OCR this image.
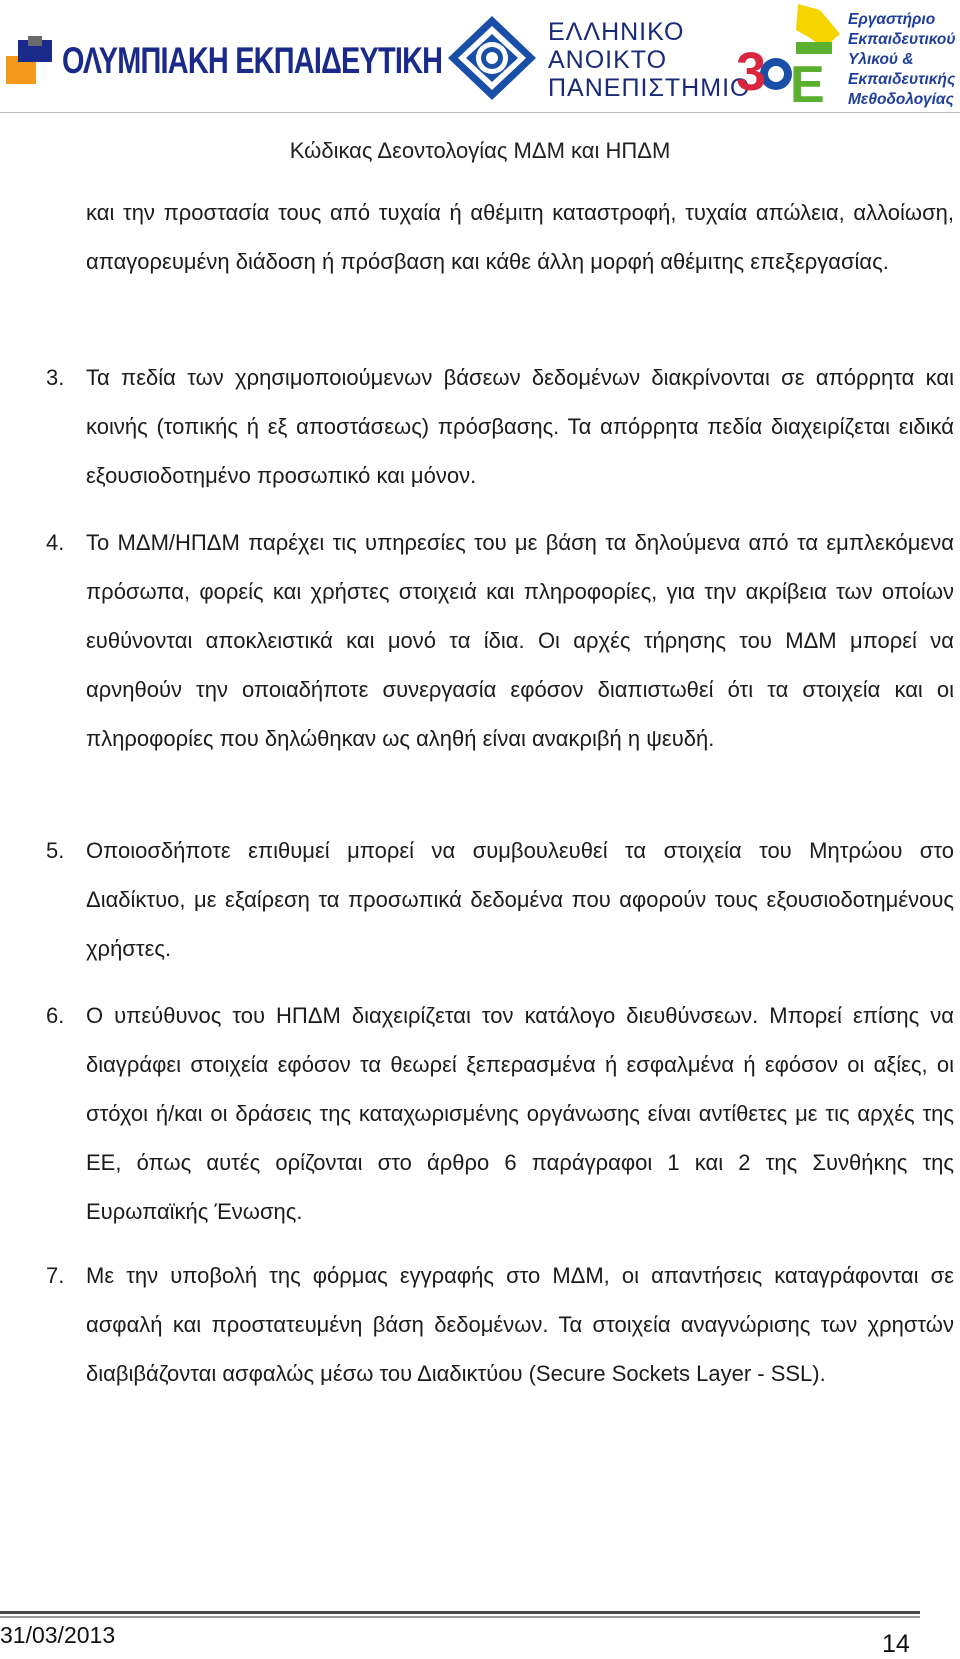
ΟΛΥΜΠΙΑΚΗ ΕΚΠΑΙΔΕΥΤΙΚΗ
ΕΛΛΗΝΙΚΟ
ΑΝΟΙΚΤΟ
ΠΑΝΕΠΙΣΤΗΜΙΟ
3 Ε
Εργαστήριο
Εκπαιδευτικού
Υλικού &
Εκπαιδευτικής
Μεθοδολογίας
Κώδικας Δεοντολογίας ΜΔΜ και ΗΠΔΜ
και την προστασία τους από τυχαία ή αθέμιτη καταστροφή, τυχαία απώλεια, αλλοίωση, απαγορευμένη διάδοση ή πρόσβαση και κάθε άλλη μορφή αθέμιτης επεξεργασίας.
3. Τα πεδία των χρησιμοποιούμενων βάσεων δεδομένων διακρίνονται σε απόρρητα και κοινής (τοπικής ή εξ αποστάσεως) πρόσβασης. Τα απόρρητα πεδία διαχειρίζεται ειδικά εξουσιοδοτημένο προσωπικό και μόνον.
4. Το ΜΔΜ/ΗΠΔΜ παρέχει τις υπηρεσίες του με βάση τα δηλούμενα από τα εμπλεκόμενα πρόσωπα, φορείς και χρήστες στοιχειά και πληροφορίες, για την ακρίβεια των οποίων ευθύνονται αποκλειστικά και μονό τα ίδια. Οι αρχές τήρησης του ΜΔΜ μπορεί να αρνηθούν την οποιαδήποτε συνεργασία εφόσον διαπιστωθεί ότι τα στοιχεία και οι πληροφορίες που δηλώθηκαν ως αληθή είναι ανακριβή η ψευδή.
5. Οποιοσδήποτε επιθυμεί μπορεί να συμβουλευθεί τα στοιχεία του Μητρώου στο Διαδίκτυο, με εξαίρεση τα προσωπικά δεδομένα που αφορούν τους εξουσιοδοτημένους χρήστες.
6. Ο υπεύθυνος του ΗΠΔΜ διαχειρίζεται τον κατάλογο διευθύνσεων. Μπορεί επίσης να διαγράφει στοιχεία εφόσον τα θεωρεί ξεπερασμένα ή εσφαλμένα ή εφόσον οι αξίες, οι στόχοι ή/και οι δράσεις της καταχωρισμένης οργάνωσης είναι αντίθετες με τις αρχές της ΕΕ, όπως αυτές ορίζονται στο άρθρο 6 παράγραφοι 1 και 2 της Συνθήκης της Ευρωπαϊκής Ένωσης.
7. Με την υποβολή της φόρμας εγγραφής στο ΜΔΜ, οι απαντήσεις καταγράφονται σε ασφαλή και προστατευμένη βάση δεδομένων. Τα στοιχεία αναγνώρισης των χρηστών διαβιβάζονται ασφαλώς μέσω του Διαδικτύου (Secure Sockets Layer - SSL).
31/03/2013	14
